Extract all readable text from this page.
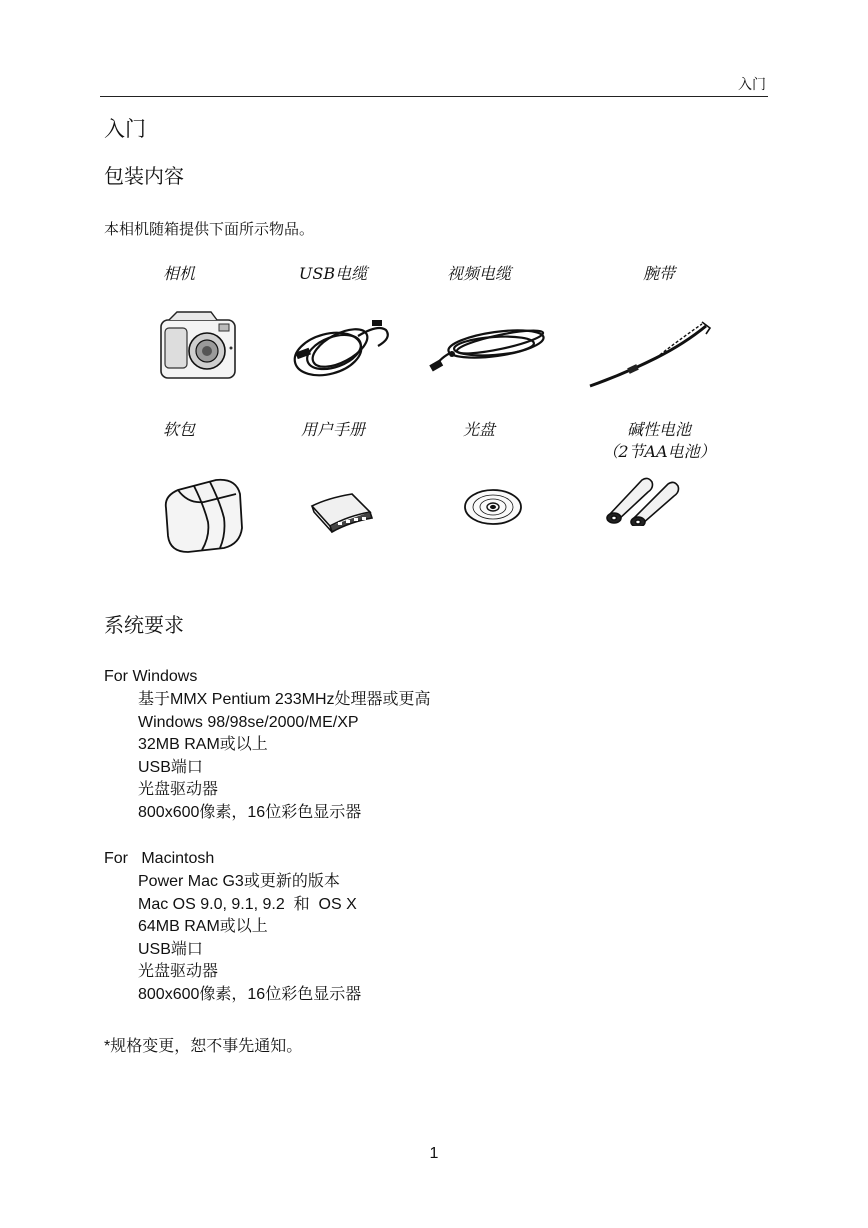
入门
入门
包装内容
本相机随箱提供下面所示物品。
相机	USB电缆	视频电缆	腕带
软包	用户手册	光盘	碱性电池
（2节AA电池）
系统要求
For Windows
基于MMX Pentium 233MHz处理器或更高
Windows 98/98se/2000/ME/XP
32MB RAM或以上
USB端口
光盘驱动器
800x600像素，16位彩色显示器
For   Macintosh
Power Mac G3或更新的版本
Mac OS 9.0, 9.1, 9.2  和  OS X
64MB RAM或以上
USB端口
光盘驱动器
800x600像素，16位彩色显示器
*规格变更，恕不事先通知。
1
